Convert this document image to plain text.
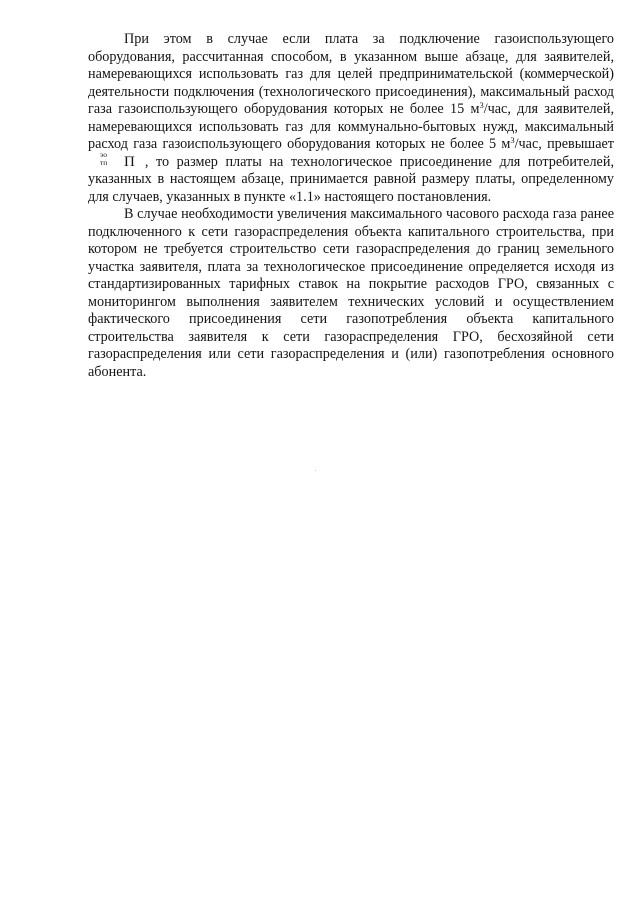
При этом в случае если плата за подключение газоиспользующего оборудования, рассчитанная способом, в указанном выше абзаце, для заявителей, намеревающихся использовать газ для целей предпринимательской (коммерческой) деятельности подключения (технологического присоединения), максимальный расход газа газоиспользующего оборудования которых не более 15 $м^3$/час, для заявителей, намеревающихся использовать газ для коммунально-бытовых нужд, максимальный расход газа газоиспользующего оборудования которых не более 5 $м^3$/час, превышает П
эо
тп	, то размер платы на технологическое присоединение для потребителей, указанных в настоящем абзаце, принимается равной размеру платы, определенному для случаев, указанных в пункте «1.1» настоящего постановления.

В случае необходимости увеличения максимального часового расхода газа ранее подключенного к сети газораспределения объекта капитального строительства, при котором не требуется строительство сети газораспределения до границ земельного участка заявителя, плата за технологическое присоединение определяется исходя из стандартизированных тарифных ставок на покрытие расходов ГРО, связанных с мониторингом выполнения заявителем технических условий и осуществлением фактического присоединения сети газопотребления объекта капитального строительства заявителя к сети газораспределения ГРО, бесхозяйной сети газораспределения или сети газораспределения и (или) газопотребления основного абонента.
